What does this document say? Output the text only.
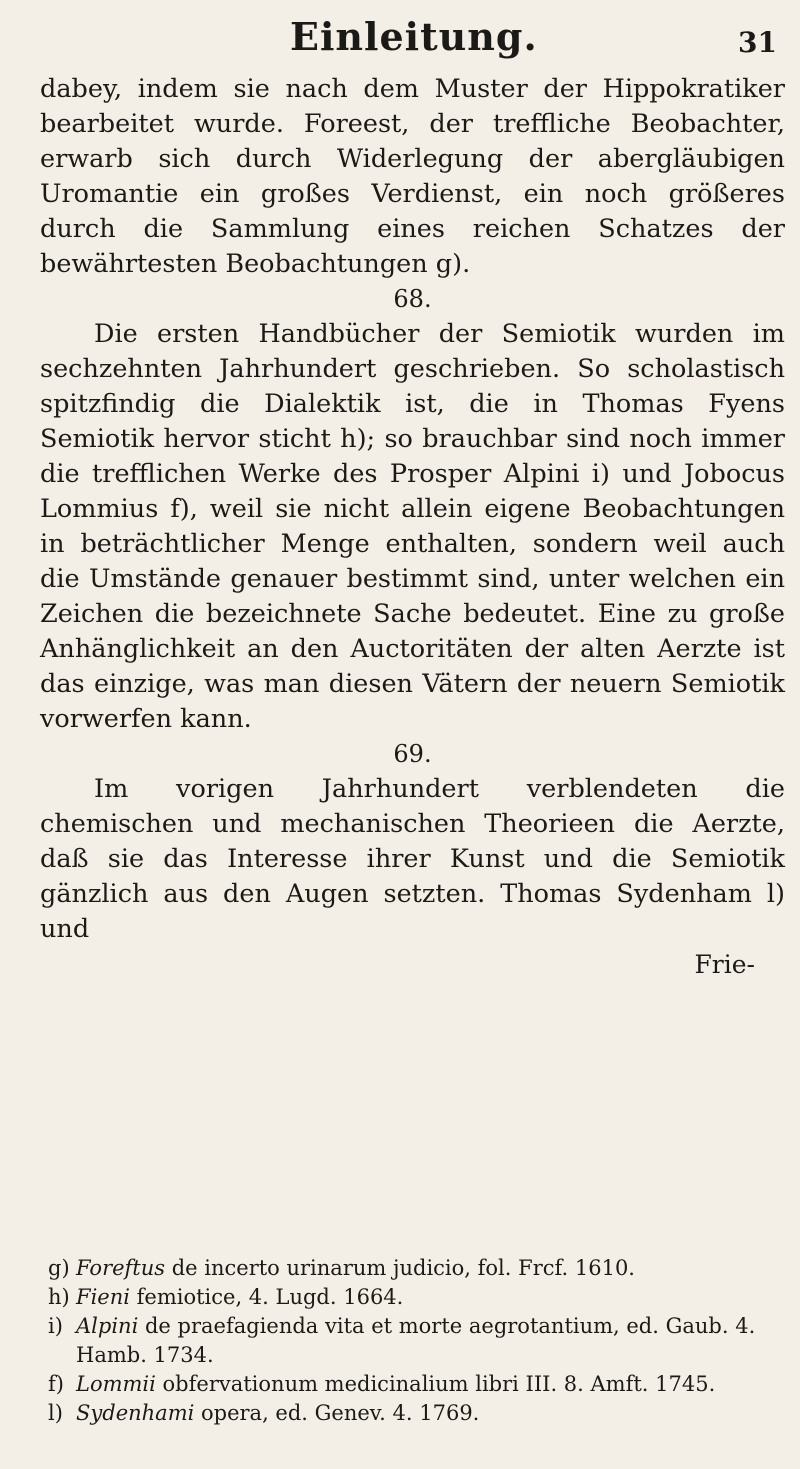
Einleitung.	31

dabey, indem sie nach dem Muster der Hippokratiker bearbeitet wurde. Foreest, der treffliche Beobachter, erwarb sich durch Widerlegung der abergläubigen Uromantie ein großes Verdienst, ein noch größeres durch die Sammlung eines reichen Schatzes der bewährtesten Beobachtungen g).

68.

Die ersten Handbücher der Semiotik wurden im sechzehnten Jahrhundert geschrieben. So scholastisch spitzfindig die Dialektik ist, die in Thomas Fyens Semiotik hervor sticht h); so brauchbar sind noch immer die trefflichen Werke des Prosper Alpini i) und Jobocus Lommius f), weil sie nicht allein eigene Beobachtungen in beträchtlicher Menge enthalten, sondern weil auch die Umstände genauer bestimmt sind, unter welchen ein Zeichen die bezeichnete Sache bedeutet. Eine zu große Anhänglichkeit an den Auctoritäten der alten Aerzte ist das einzige, was man diesen Vätern der neuern Semiotik vorwerfen kann.

69.

Im vorigen Jahrhundert verblendeten die chemischen und mechanischen Theorieen die Aerzte, daß sie das Interesse ihrer Kunst und die Semiotik gänzlich aus den Augen setzten. Thomas Sydenham l) und

Frie-

g) Foreftus de incerto urinarum judicio, fol. Frcf. 1610.

h) Fieni femiotice, 4. Lugd. 1664.

i) Alpini de praefagienda vita et morte aegrotantium, ed. Gaub. 4. Hamb. 1734.

f) Lommii obfervationum medicinalium libri III. 8. Amft. 1745.

l) Sydenhami opera, ed. Genev. 4. 1769.
